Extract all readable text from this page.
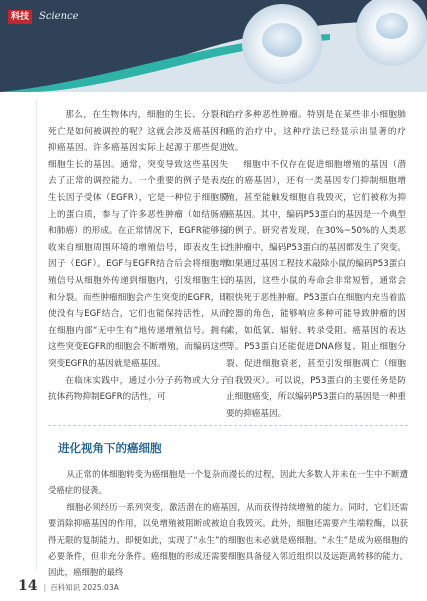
科技 Science

那么，在生物体内，细胞的生长、分裂和死亡是如何被调控的呢？这就会涉及癌基因和抑癌基因。许多癌基因实际上起源于那些促进细胞生长的基因。通常，突变导致这些基因失去了正常的调控能力。一个重要的例子是表皮生长因子受体（EGFR），它是一种位于细胞膜上的蛋白质，参与了许多恶性肿瘤（如结肠癌和肺癌）的形成。在正常情况下，EGFR能够接收来自细胞周围环境的增殖信号，即表皮生长因子（EGF）。EGF与EGFR结合后会将细胞增殖信号从细胞外传递到细胞内，引发细胞生长和分裂。而些肿瘤细胞会产生突变的EGFR，即使没有与EGF结合，它们也能保持活性，从而在细胞内部“无中生有”地传递增殖信号。拥有这些突变EGFR的细胞会不断增殖，而编码这些突变EGFR的基因就是癌基因。

在临床实践中，通过小分子药物或大分子抗体药物抑制EGFR的活性，可

治疗多种恶性肿瘤。特别是在某些非小细胞肺癌的治疗中，这种疗法已经显示出显著的疗效。

细胞中不仅存在促进细胞增殖的基因（潜在的癌基因），还有一类基因专门抑制细胞增殖，甚至能触发细胞自我毁灭，它们被称为抑癌基因。其中，编码P53蛋白的基因是一个典型的例子。研究者发现，在30%~50%的人类恶性肿瘤中，编码P53蛋白的基因都发生了突变。如果通过基因工程技术敲除小鼠的编码P53蛋白的基因，这些小鼠的寿命会非常短暂，通常会很快死于恶性肿瘤。P53蛋白在细胞内充当着监控器的角色，能够响应多种可能导致肿瘤的因素，如低氧、辐射、转录受阻、癌基因的表达等。P53蛋白还能促进DNA修复、阻止细胞分裂、促进细胞衰老，甚至引发细胞凋亡（细胞自我毁灭）。可以说，P53蛋白的主要任务是防止细胞癌变，所以编码P53蛋白的基因是一种重要的抑癌基因。

进化视角下的癌细胞

从正常的体细胞转变为癌细胞是一个复杂而漫长的过程，因此大多数人并未在一生中不断遭受癌症的侵袭。

细胞必须经历一系列突变，激活潜在的癌基因，从而获得持续增殖的能力。同时，它们还需要消除抑癌基因的作用，以免增殖被阻断或被迫自我毁灭。此外，细胞还需要产生端粒酶，以获得无限的复制能力。即便如此，实现了“永生”的细胞也未必就是癌细胞。“永生”是成为癌细胞的必要条件，但非充分条件。癌细胞的形成还需要细胞具备侵入邻近组织以及远距离转移的能力。因此，癌细胞的最终

14 | 百科知识 2025.03A
